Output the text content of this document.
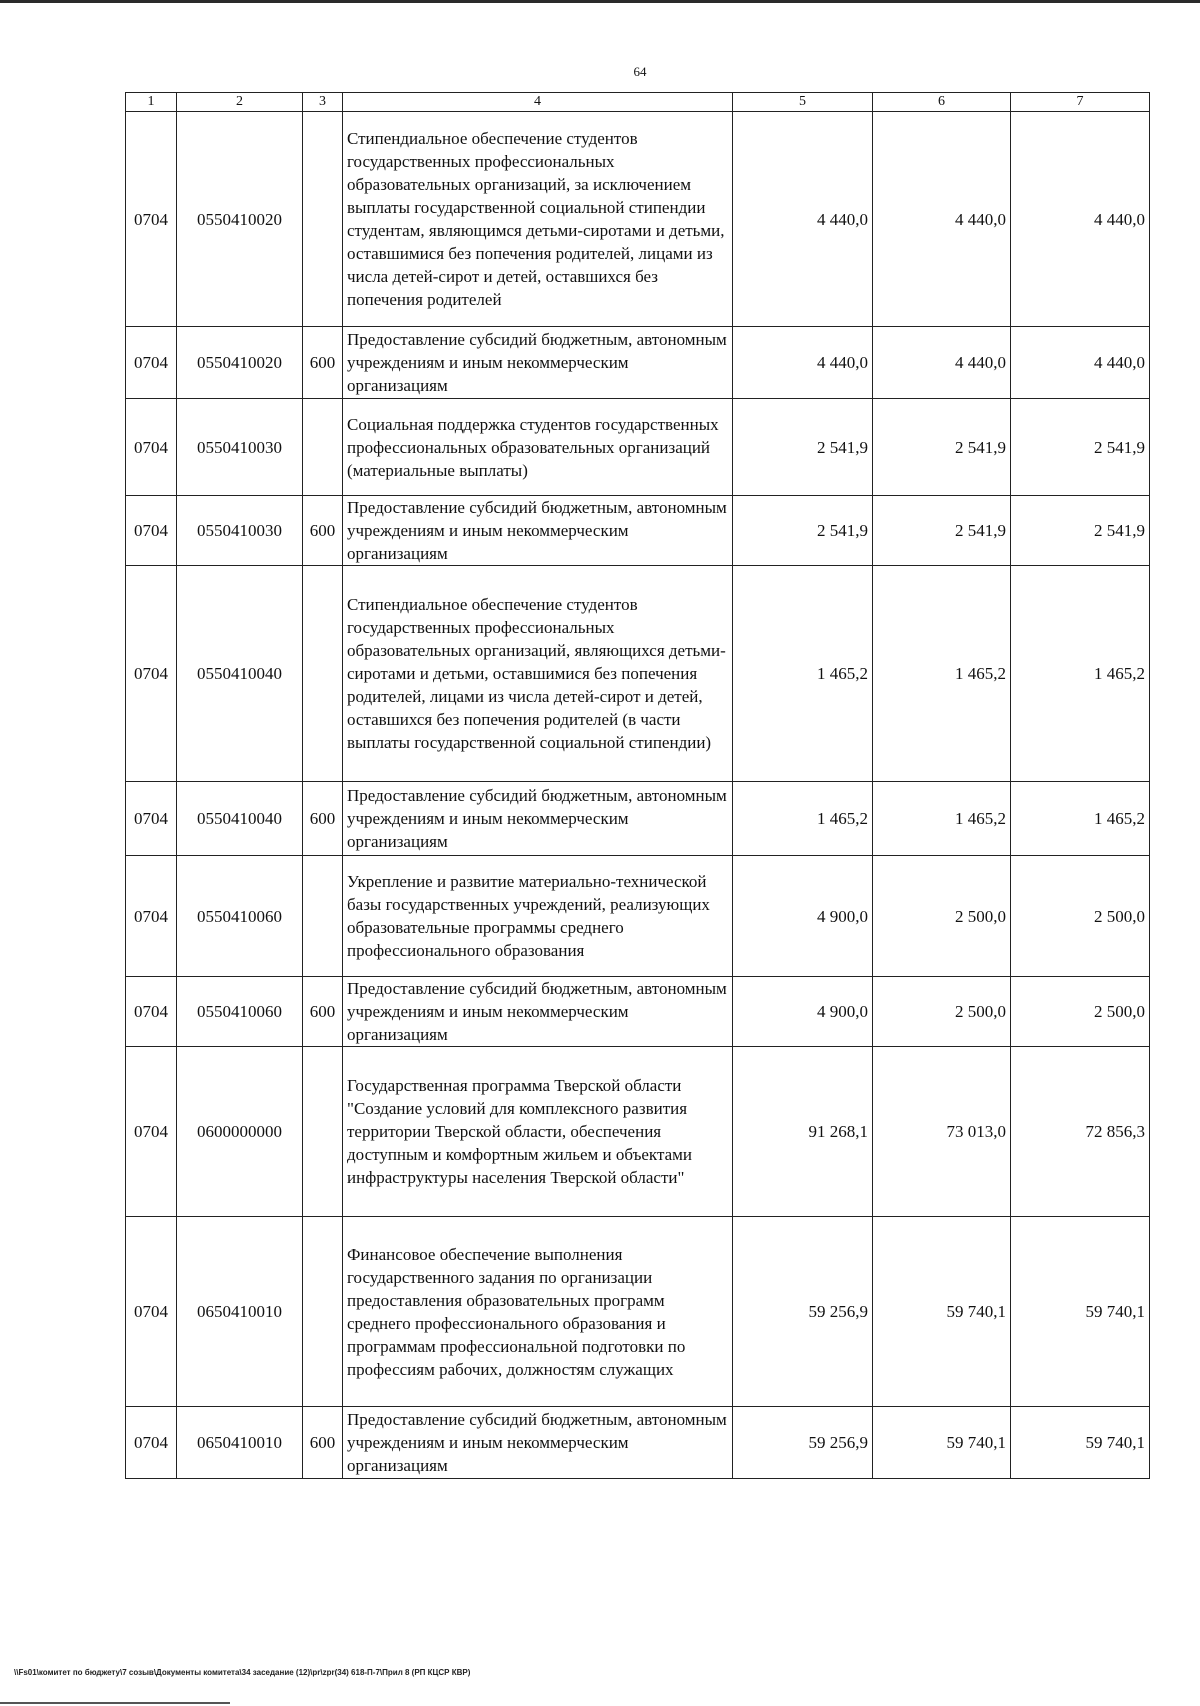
64
1	2	3	4	5	6	7
0704	0550410020		Стипендиальное обеспечение студентов государственных профессиональных образовательных организаций, за исключением выплаты государственной социальной стипендии студентам, являющимся детьми-сиротами и детьми, оставшимися без попечения родителей, лицами из числа детей-сирот и детей, оставшихся без попечения родителей	4 440,0	4 440,0	4 440,0
0704	0550410020	600	Предоставление субсидий бюджетным, автономным учреждениям и иным некоммерческим организациям	4 440,0	4 440,0	4 440,0
0704	0550410030		Социальная поддержка студентов государственных профессиональных образовательных организаций (материальные выплаты)	2 541,9	2 541,9	2 541,9
0704	0550410030	600	Предоставление субсидий бюджетным, автономным учреждениям и иным некоммерческим организациям	2 541,9	2 541,9	2 541,9
0704	0550410040		Стипендиальное обеспечение студентов государственных профессиональных образовательных организаций, являющихся детьми-сиротами и детьми, оставшимися без попечения родителей, лицами из числа детей-сирот и детей, оставшихся без попечения родителей (в части выплаты государственной социальной стипендии)	1 465,2	1 465,2	1 465,2
0704	0550410040	600	Предоставление субсидий бюджетным, автономным учреждениям и иным некоммерческим организациям	1 465,2	1 465,2	1 465,2
0704	0550410060		Укрепление и развитие материально-технической базы государственных учреждений, реализующих образовательные программы среднего профессионального образования	4 900,0	2 500,0	2 500,0
0704	0550410060	600	Предоставление субсидий бюджетным, автономным учреждениям и иным некоммерческим организациям	4 900,0	2 500,0	2 500,0
0704	0600000000		Государственная программа Тверской области "Создание условий для комплексного развития территории Тверской области, обеспечения доступным и комфортным жильем и объектами инфраструктуры населения Тверской области"	91 268,1	73 013,0	72 856,3
0704	0650410010		Финансовое обеспечение выполнения государственного задания по организации предоставления образовательных программ среднего профессионального образования и программам профессиональной подготовки по профессиям рабочих, должностям служащих	59 256,9	59 740,1	59 740,1
0704	0650410010	600	Предоставление субсидий бюджетным, автономным учреждениям и иным некоммерческим организациям	59 256,9	59 740,1	59 740,1
\\Fs01\комитет по бюджету\7 созыв\Документы комитета\34 заседание (12)\pr\zpr(34) 618-П-7\Прил 8 (РП КЦСР КВР)
